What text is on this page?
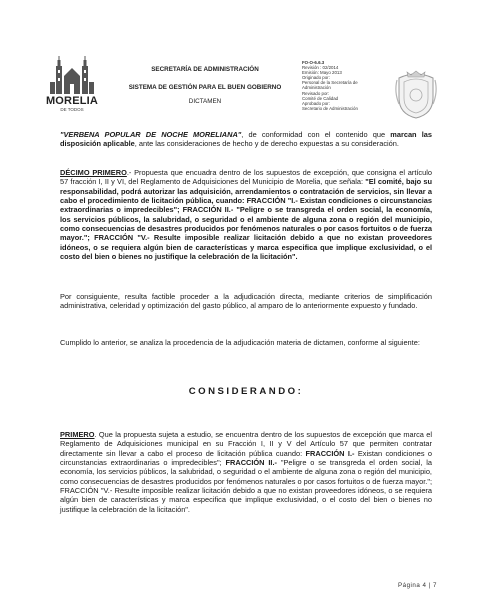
MORELIA
DE TODOS
SECRETARÍA DE ADMINISTRACIÓN
SISTEMA DE GESTIÓN PARA EL BUEN GOBIERNO
DICTAMEN
FO-O-6.6.3
Revisión : 02/2014
Emisión: Mayo 2013
Originado por:
Personal de la Secretaría de
Administración
Revisado por:
Comité de Calidad
Aprobado por:
Secretario de Administración

"VERBENA POPULAR DE NOCHE MORELIANA", de conformidad con el contenido que marcan las disposición aplicable, ante las consideraciones de hecho y de derecho expuestas a su consideración.

DÉCIMO PRIMERO.- Propuesta que encuadra dentro de los supuestos de excepción, que consigna el artículo 57 fracción I, II y VI, del Reglamento de Adquisiciones del Municipio de Morelia, que señala: "El comité, bajo su responsabilidad, podrá autorizar las adquisición, arrendamientos o contratación de servicios, sin llevar a cabo el procedimiento de licitación pública, cuando: FRACCIÓN "I.- Existan condiciones o circunstancias extraordinarias o impredecibles"; FRACCIÓN II.- "Peligre o se transgreda el orden social, la economía, los servicios públicos, la salubridad, o seguridad o el ambiente de alguna zona o región del municipio, como consecuencias de desastres producidos por fenómenos naturales o por casos fortuitos o de fuerza mayor."; FRACCIÓN "V.- Resulte imposible realizar licitación debido a que no existan proveedores idóneos, o se requiera algún bien de características y marca especifica que implique exclusividad, o el costo del bien o bienes no justifique la celebración de la licitación".

Por consiguiente, resulta factible proceder a la adjudicación directa, mediante criterios de simplificación administrativa, celeridad y optimización del gasto público, al amparo de lo anteriormente expuesto y fundado.

Cumplido lo anterior, se analiza la procedencia de la adjudicación materia de dictamen, conforme al siguiente:

CONSIDERANDO:

PRIMERO. Que la propuesta sujeta a estudio, se encuentra dentro de los supuestos de excepción que marca el Reglamento de Adquisiciones municipal en su Fracción I, II y V del Artículo 57 que permiten contratar directamente sin llevar a cabo el proceso de licitación pública cuando: FRACCIÓN I.- Existan condiciones o circunstancias extraordinarias o impredecibles"; FRACCIÓN II.- "Peligre o se transgreda el orden social, la economía, los servicios públicos, la salubridad, o seguridad o el ambiente de alguna zona o región del municipio, como consecuencias de desastres producidos por fenómenos naturales o por casos fortuitos o de fuerza mayor."; FRACCIÓN "V.- Resulte imposible realizar licitación debido a que no existan proveedores idóneos, o se requiera algún bien de características y marca especifica que implique exclusividad, o el costo del bien o bienes no justifique la celebración de la licitación".

Página 4 | 7
